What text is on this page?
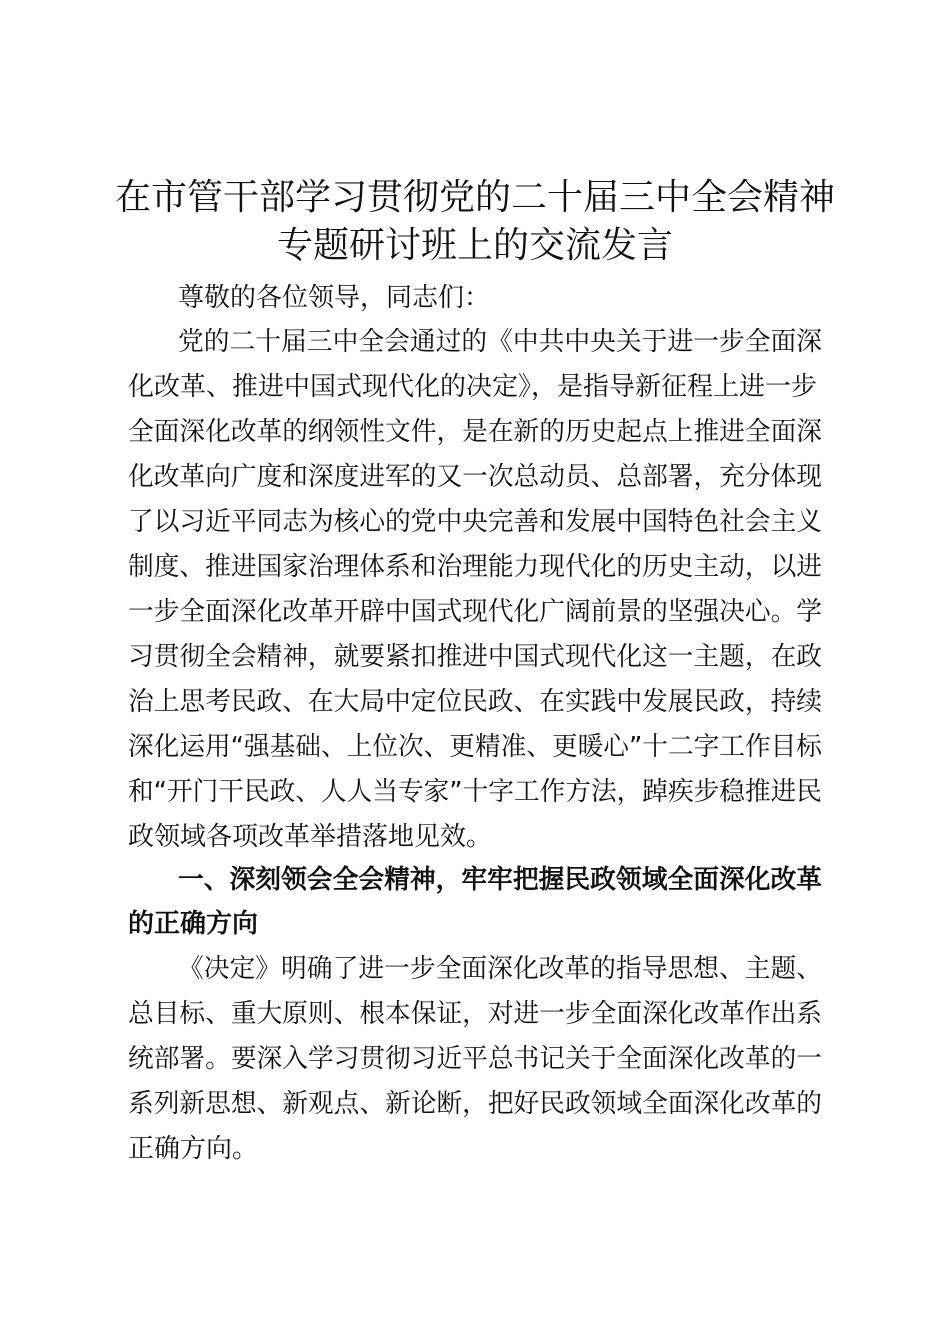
在市管干部学习贯彻党的二十届三中全会精神
专题研讨班上的交流发言
尊敬的各位领导，同志们：
党的二十届三中全会通过的《中共中央关于进一步全面深
化改革、推进中国式现代化的决定》，是指导新征程上进一步
全面深化改革的纲领性文件，是在新的历史起点上推进全面深
化改革向广度和深度进军的又一次总动员、总部署，充分体现
了以习近平同志为核心的党中央完善和发展中国特色社会主义
制度、推进国家治理体系和治理能力现代化的历史主动，以进
一步全面深化改革开辟中国式现代化广阔前景的坚强决心。学
习贯彻全会精神，就要紧扣推进中国式现代化这一主题，在政
治上思考民政、在大局中定位民政、在实践中发展民政，持续
深化运用“强基础、上位次、更精准、更暖心”十二字工作目标
和“开门干民政、人人当专家”十字工作方法，踔疾步稳推进民
政领域各项改革举措落地见效。
一、深刻领会全会精神，牢牢把握民政领域全面深化改革
的正确方向
《决定》明确了进一步全面深化改革的指导思想、主题、
总目标、重大原则、根本保证，对进一步全面深化改革作出系
统部署。要深入学习贯彻习近平总书记关于全面深化改革的一
系列新思想、新观点、新论断，把好民政领域全面深化改革的
正确方向。
